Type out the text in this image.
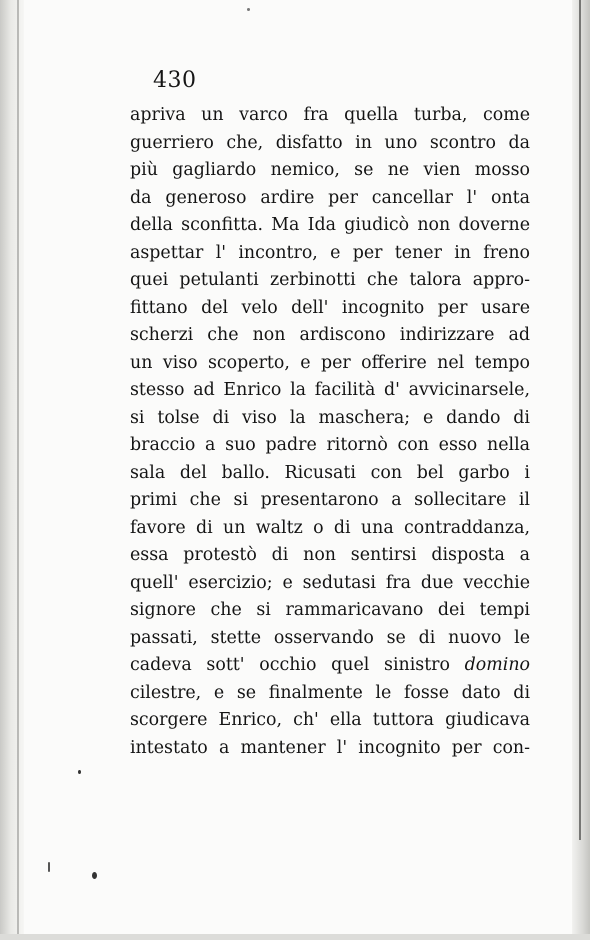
430
apriva un varco fra quella turba, come
guerriero che, disfatto in uno scontro da
più gagliardo nemico, se ne vien mosso
da generoso ardire per cancellar l' onta
della sconfitta. Ma Ida giudicò non doverne
aspettar l' incontro, e per tener in freno
quei petulanti zerbinotti che talora appro-
fittano del velo dell' incognito per usare
scherzi che non ardiscono indirizzare ad
un viso scoperto, e per offerire nel tempo
stesso ad Enrico la facilità d' avvicinarsele,
si tolse di viso la maschera; e dando di
braccio a suo padre ritornò con esso nella
sala del ballo. Ricusati con bel garbo i
primi che si presentarono a sollecitare il
favore di un waltz o di una contraddanza,
essa protestò di non sentirsi disposta a
quell' esercizio; e sedutasi fra due vecchie
signore che si rammaricavano dei tempi
passati, stette osservando se di nuovo le
cadeva sott' occhio quel sinistro domino
cilestre, e se finalmente le fosse dato di
scorgere Enrico, ch' ella tuttora giudicava
intestato a mantener l' incognito per con-
